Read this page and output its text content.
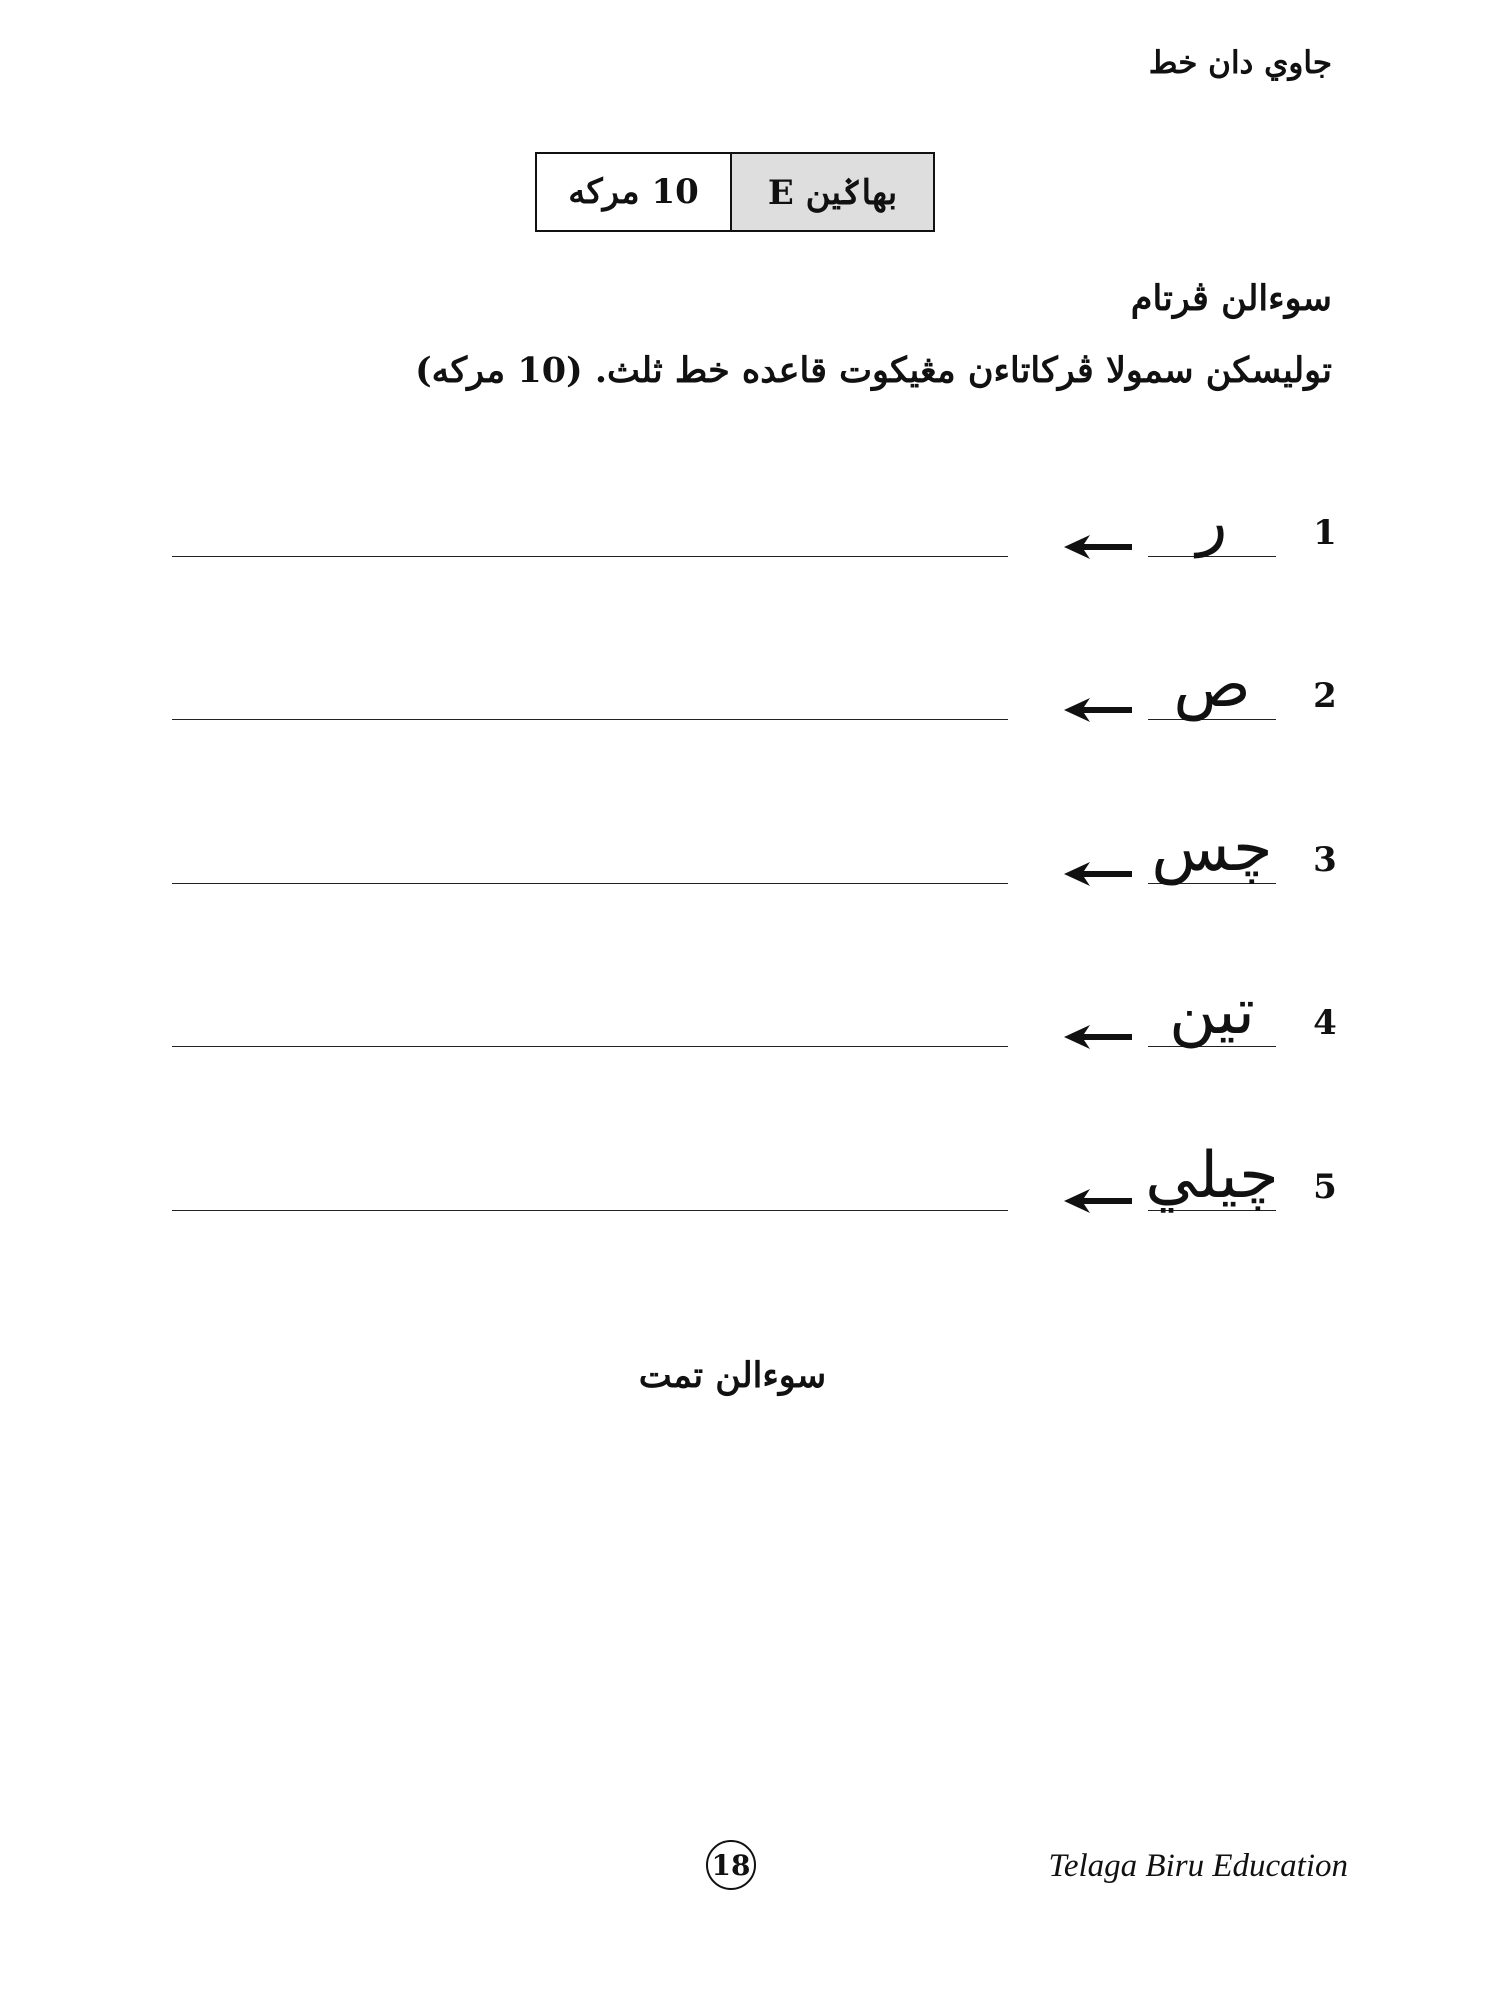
جاوي دان خط
10 مرکه	بهاݢين E
سوءالن ڤرتام
توليسکن سمولا ڤرکاتاءن مڠيکوت قاعده خط ثلث. (10 مرکه)
ر	1
ص	2
چس	3
تين	4
چيلي 5
سوءالن تمت
18	Telaga Biru Education
